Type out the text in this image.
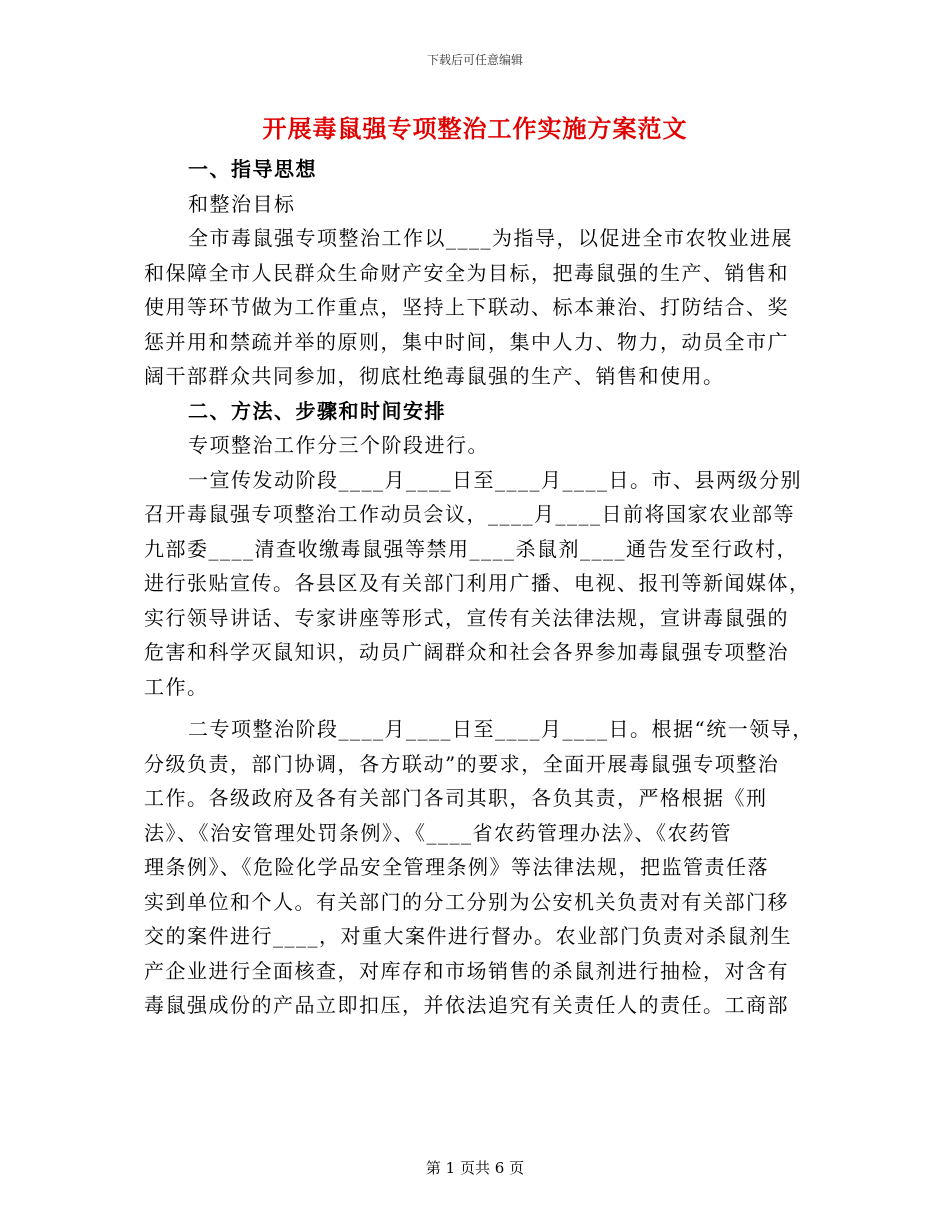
下载后可任意编辑
开展毒鼠强专项整治工作实施方案范文
一、指导思想
和整治目标
全市毒鼠强专项整治工作以____为指导，以促进全市农牧业进展
和保障全市人民群众生命财产安全为目标，把毒鼠强的生产、销售和
使用等环节做为工作重点，坚持上下联动、标本兼治、打防结合、奖
惩并用和禁疏并举的原则，集中时间，集中人力、物力，动员全市广
阔干部群众共同参加，彻底杜绝毒鼠强的生产、销售和使用。
二、方法、步骤和时间安排
专项整治工作分三个阶段进行。
一宣传发动阶段____月____日至____月____日。市、县两级分别
召开毒鼠强专项整治工作动员会议，____月____日前将国家农业部等
九部委____清查收缴毒鼠强等禁用____杀鼠剂____通告发至行政村，
进行张贴宣传。各县区及有关部门利用广播、电视、报刊等新闻媒体，
实行领导讲话、专家讲座等形式，宣传有关法律法规，宣讲毒鼠强的
危害和科学灭鼠知识，动员广阔群众和社会各界参加毒鼠强专项整治
工作。
二专项整治阶段____月____日至____月____日。根据“统一领导，
分级负责，部门协调，各方联动”的要求，全面开展毒鼠强专项整治
工作。各级政府及各有关部门各司其职，各负其责，严格根据《刑
法》、《治安管理处罚条例》、《____省农药管理办法》、《农药管
理条例》、《危险化学品安全管理条例》等法律法规，把监管责任落
实到单位和个人。有关部门的分工分别为公安机关负责对有关部门移
交的案件进行____，对重大案件进行督办。农业部门负责对杀鼠剂生
产企业进行全面核查，对库存和市场销售的杀鼠剂进行抽检，对含有
毒鼠强成份的产品立即扣压，并依法追究有关责任人的责任。工商部
第 1 页共 6 页
